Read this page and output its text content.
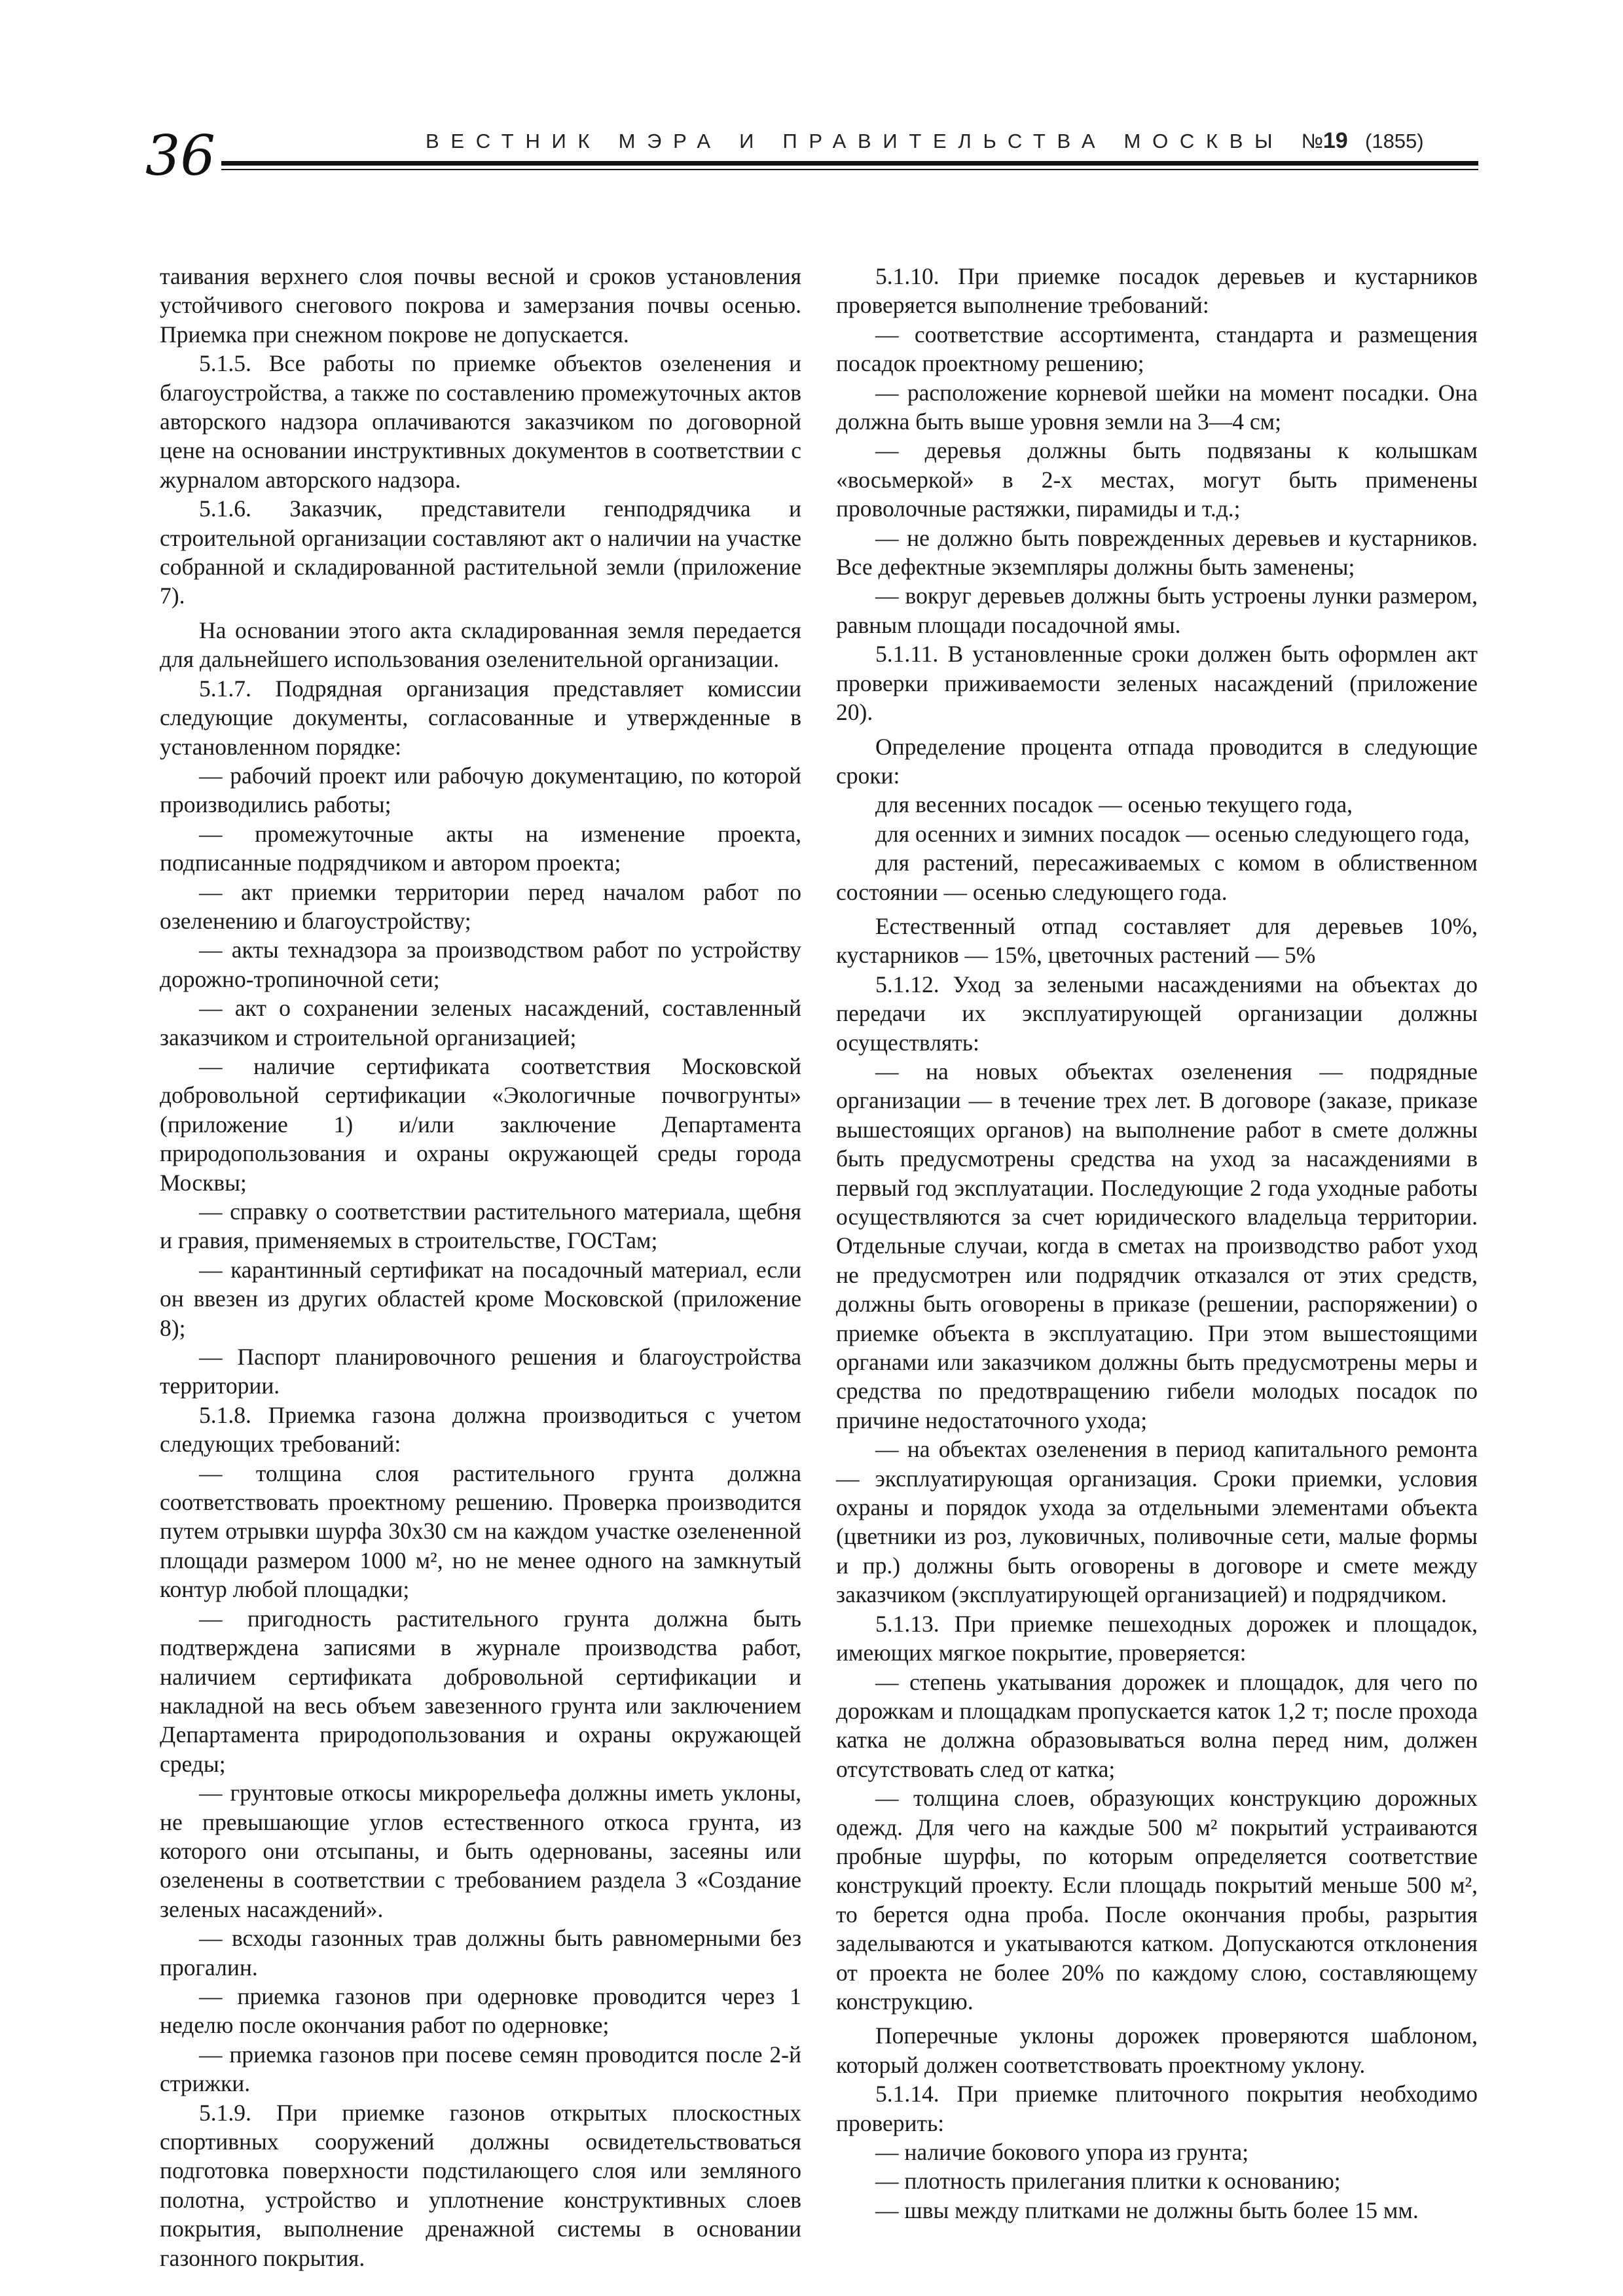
36	ВЕСТНИК МЭРА И ПРАВИТЕЛЬСТВА МОСКВЫ №19 (1855)

таивания верхнего слоя почвы весной и сроков установления устойчивого снегового покрова и замерзания почвы осенью. Приемка при снежном покрове не допускается.

5.1.5. Все работы по приемке объектов озеленения и благоустройства, а также по составлению промежуточных актов авторского надзора оплачиваются заказчиком по договорной цене на основании инструктивных документов в соответствии с журналом авторского надзора.

5.1.6. Заказчик, представители генподрядчика и строительной организации составляют акт о наличии на участке собранной и складированной растительной земли (приложение 7).

На основании этого акта складированная земля передается для дальнейшего использования озеленительной организации.

5.1.7. Подрядная организация представляет комиссии следующие документы, согласованные и утвержденные в установленном порядке:

— рабочий проект или рабочую документацию, по которой производились работы;

— промежуточные акты на изменение проекта, подписанные подрядчиком и автором проекта;

— акт приемки территории перед началом работ по озеленению и благоустройству;

— акты технадзора за производством работ по устройству дорожно-тропиночной сети;

— акт о сохранении зеленых насаждений, составленный заказчиком и строительной организацией;

— наличие сертификата соответствия Московской добровольной сертификации «Экологичные почвогрунты» (приложение 1) и/или заключение Департамента природопользования и охраны окружающей среды города Москвы;

— справку о соответствии растительного материала, щебня и гравия, применяемых в строительстве, ГОСТам;

— карантинный сертификат на посадочный материал, если он ввезен из других областей кроме Московской (приложение 8);

— Паспорт планировочного решения и благоустройства территории.

5.1.8. Приемка газона должна производиться с учетом следующих требований:

— толщина слоя растительного грунта должна соответствовать проектному решению. Проверка производится путем отрывки шурфа 30х30 см на каждом участке озелененной площади размером 1000 м², но не менее одного на замкнутый контур любой площадки;

— пригодность растительного грунта должна быть подтверждена записями в журнале производства работ, наличием сертификата добровольной сертификации и накладной на весь объем завезенного грунта или заключением Департамента природопользования и охраны окружающей среды;

— грунтовые откосы микрорельефа должны иметь уклоны, не превышающие углов естественного откоса грунта, из которого они отсыпаны, и быть одернованы, засеяны или озеленены в соответствии с требованием раздела 3 «Создание зеленых насаждений».

— всходы газонных трав должны быть равномерными без прогалин.

— приемка газонов при одерновке проводится через 1 неделю после окончания работ по одерновке;

— приемка газонов при посеве семян проводится после 2-й стрижки.

5.1.9. При приемке газонов открытых плоскостных спортивных сооружений должны освидетельствоваться подготовка поверхности подстилающего слоя или земляного полотна, устройство и уплотнение конструктивных слоев покрытия, выполнение дренажной системы в основании газонного покрытия.

5.1.10. При приемке посадок деревьев и кустарников проверяется выполнение требований:

— соответствие ассортимента, стандарта и размещения посадок проектному решению;

— расположение корневой шейки на момент посадки. Она должна быть выше уровня земли на 3—4 см;

— деревья должны быть подвязаны к колышкам «восьмеркой» в 2-х местах, могут быть применены проволочные растяжки, пирамиды и т.д.;

— не должно быть поврежденных деревьев и кустарников. Все дефектные экземпляры должны быть заменены;

— вокруг деревьев должны быть устроены лунки размером, равным площади посадочной ямы.

5.1.11. В установленные сроки должен быть оформлен акт проверки приживаемости зеленых насаждений (приложение 20).

Определение процента отпада проводится в следующие сроки:

для весенних посадок — осенью текущего года,

для осенних и зимних посадок — осенью следующего года,

для растений, пересаживаемых с комом в облиственном состоянии — осенью следующего года.

Естественный отпад составляет для деревьев 10%, кустарников — 15%, цветочных растений — 5%

5.1.12. Уход за зелеными насаждениями на объектах до передачи их эксплуатирующей организации должны осуществлять:

— на новых объектах озеленения — подрядные организации — в течение трех лет. В договоре (заказе, приказе вышестоящих органов) на выполнение работ в смете должны быть предусмотрены средства на уход за насаждениями в первый год эксплуатации. Последующие 2 года уходные работы осуществляются за счет юридического владельца территории. Отдельные случаи, когда в сметах на производство работ уход не предусмотрен или подрядчик отказался от этих средств, должны быть оговорены в приказе (решении, распоряжении) о приемке объекта в эксплуатацию. При этом вышестоящими органами или заказчиком должны быть предусмотрены меры и средства по предотвращению гибели молодых посадок по причине недостаточного ухода;

— на объектах озеленения в период капитального ремонта — эксплуатирующая организация. Сроки приемки, условия охраны и порядок ухода за отдельными элементами объекта (цветники из роз, луковичных, поливочные сети, малые формы и пр.) должны быть оговорены в договоре и смете между заказчиком (эксплуатирующей организацией) и подрядчиком.

5.1.13. При приемке пешеходных дорожек и площадок, имеющих мягкое покрытие, проверяется:

— степень укатывания дорожек и площадок, для чего по дорожкам и площадкам пропускается каток 1,2 т; после прохода катка не должна образовываться волна перед ним, должен отсутствовать след от катка;

— толщина слоев, образующих конструкцию дорожных одежд. Для чего на каждые 500 м² покрытий устраиваются пробные шурфы, по которым определяется соответствие конструкций проекту. Если площадь покрытий меньше 500 м², то берется одна проба. После окончания пробы, разрытия заделываются и укатываются катком. Допускаются отклонения от проекта не более 20% по каждому слою, составляющему конструкцию.

Поперечные уклоны дорожек проверяются шаблоном, который должен соответствовать проектному уклону.

5.1.14. При приемке плиточного покрытия необходимо проверить:

— наличие бокового упора из грунта;

— плотность прилегания плитки к основанию;

— швы между плитками не должны быть более 15 мм.
